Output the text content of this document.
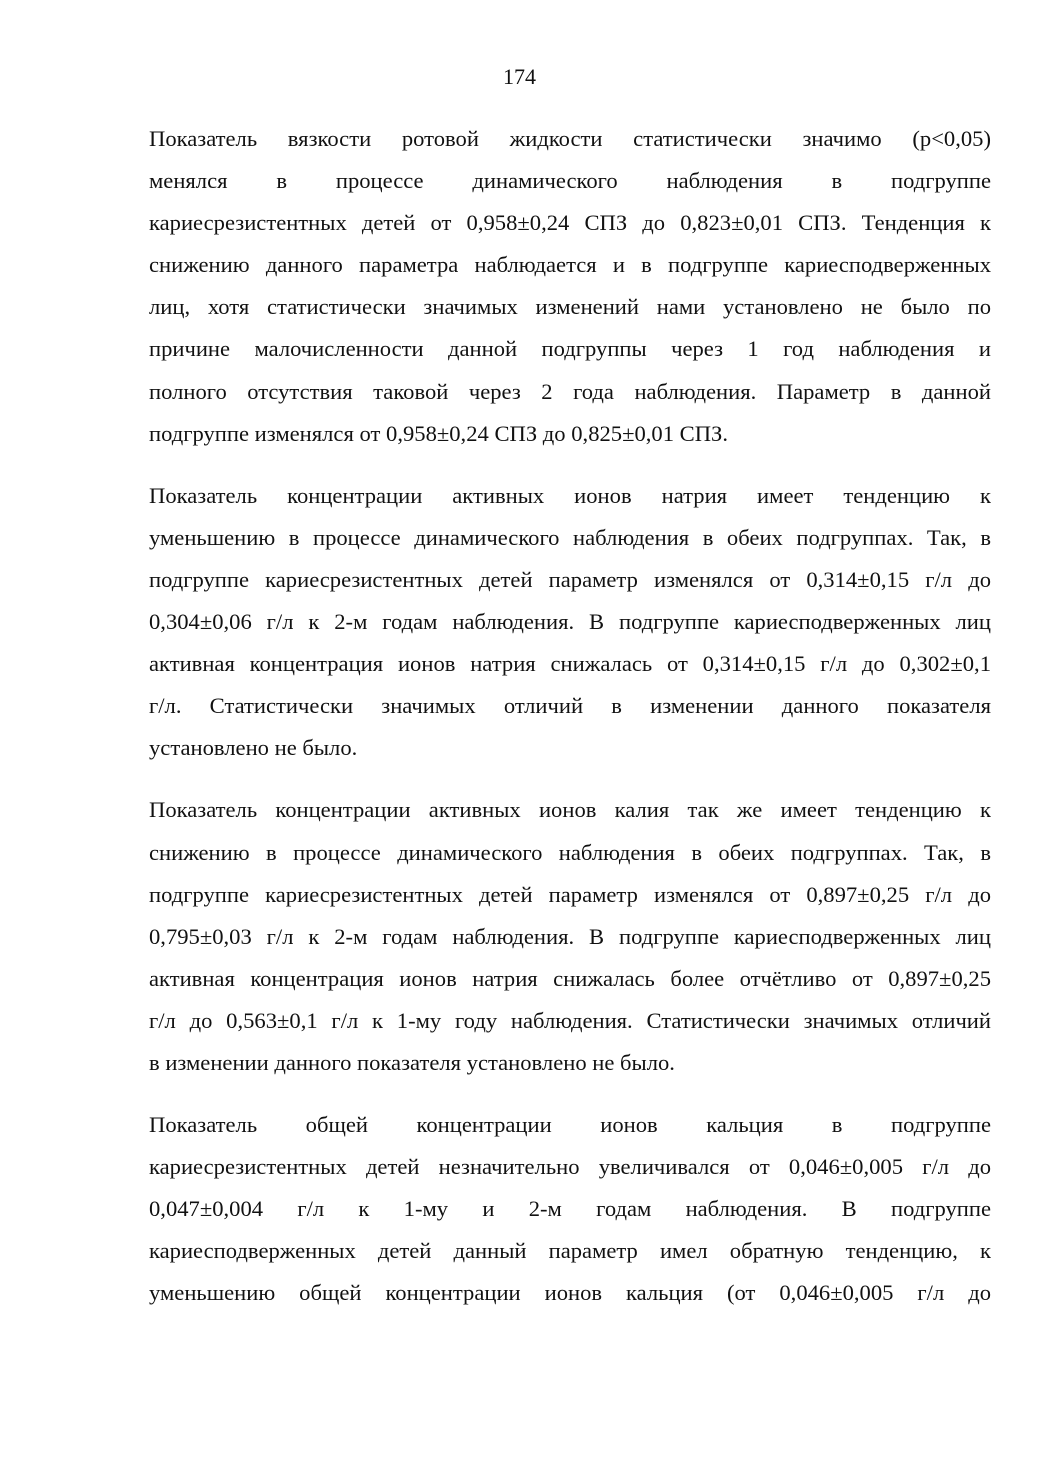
174

Показатель вязкости ротовой жидкости статистически значимо (р<0,05)
менялся в процессе динамического наблюдения в подгруппе
кариесрезистентных детей от 0,958±0,24 СПЗ до 0,823±0,01 СПЗ. Тенденция к
снижению данного параметра наблюдается и в подгруппе кариесподверженных
лиц, хотя статистически значимых изменений нами установлено не было по
причине малочисленности данной подгруппы через 1 год наблюдения и
полного отсутствия таковой через 2 года наблюдения. Параметр в данной
подгруппе изменялся от 0,958±0,24 СПЗ до 0,825±0,01 СПЗ.

Показатель концентрации активных ионов натрия имеет тенденцию к
уменьшению в процессе динамического наблюдения в обеих подгруппах. Так, в
подгруппе кариесрезистентных детей параметр изменялся от 0,314±0,15 г/л до
0,304±0,06 г/л к 2-м годам наблюдения. В подгруппе кариесподверженных лиц
активная концентрация ионов натрия снижалась от 0,314±0,15 г/л до 0,302±0,1
г/л. Статистически значимых отличий в изменении данного показателя
установлено не было.

Показатель концентрации активных ионов калия так же имеет тенденцию к
снижению в процессе динамического наблюдения в обеих подгруппах. Так, в
подгруппе кариесрезистентных детей параметр изменялся от 0,897±0,25 г/л до
0,795±0,03 г/л к 2-м годам наблюдения. В подгруппе кариесподверженных лиц
активная концентрация ионов натрия снижалась более отчётливо от 0,897±0,25
г/л до 0,563±0,1 г/л к 1-му году наблюдения. Статистически значимых отличий
в изменении данного показателя установлено не было.

Показатель общей концентрации ионов кальция в подгруппе
кариесрезистентных детей незначительно увеличивался от 0,046±0,005 г/л до
0,047±0,004 г/л к 1-му и 2-м годам наблюдения. В подгруппе
кариесподверженных детей данный параметр имел обратную тенденцию, к
уменьшению общей концентрации ионов кальция (от 0,046±0,005 г/л до
